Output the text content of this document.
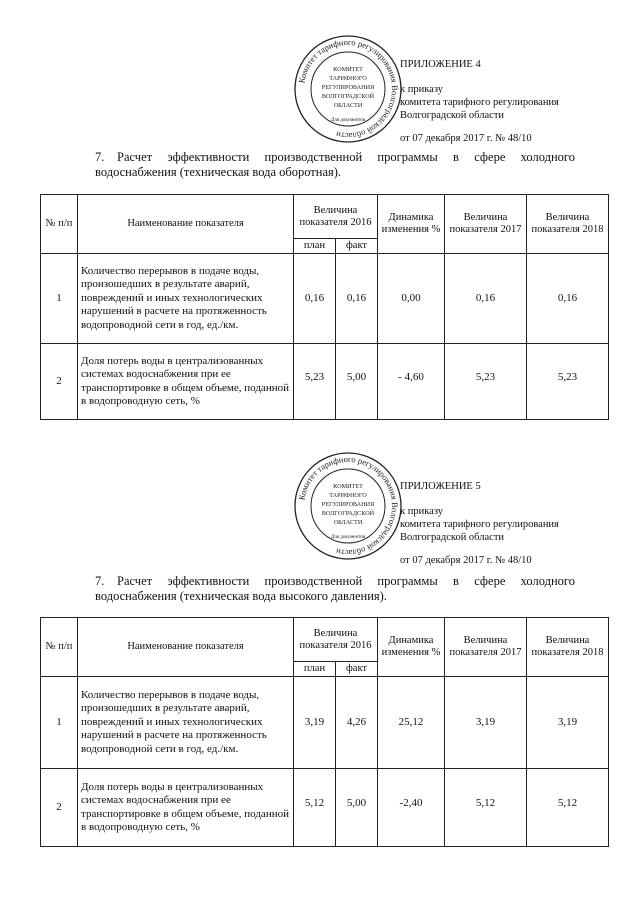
Комитет тарифного регулирования Волгоградской области
КОМИТЕТ
ТАРИФНОГО
РЕГУЛИРОВАНИЯ
ВОЛГОГРАДСКОЙ
ОБЛАСТИ
Для документов
ПРИЛОЖЕНИЕ 4
к приказу
комитета тарифного регулирования
Волгоградской области
от 07 декабря 2017 г. № 48/10
7. Расчет эффективности производственной программы в сфере холодного водоснабжения (техническая вода оборотная).
№ п/п	Наименование показателя	Величина показателя 2016		Динамика изменения %	Величина показателя 2017	Величина показателя 2018
		план	факт			
1	Количество перерывов в подаче воды, произошедших в результате аварий, повреждений и иных технологических нарушений в расчете на протяженность водопроводной сети в год, ед./км.	0,16	0,16	0,00	0,16	0,16
2	Доля потерь воды в централизованных системах водоснабжения при ее транспортировке в общем объеме, поданной в водопроводную сеть, %	5,23	5,00	- 4,60	5,23	5,23
Комитет тарифного регулирования Волгоградской области
КОМИТЕТ
ТАРИФНОГО
РЕГУЛИРОВАНИЯ
ВОЛГОГРАДСКОЙ
ОБЛАСТИ
Для документов
ПРИЛОЖЕНИЕ 5
к приказу
комитета тарифного регулирования
Волгоградской области
от 07 декабря 2017 г. № 48/10
7. Расчет эффективности производственной программы в сфере холодного водоснабжения (техническая вода высокого давления).
№ п/п	Наименование показателя	Величина показателя 2016		Динамика изменения %	Величина показателя 2017	Величина показателя 2018
		план	факт			
1	Количество перерывов в подаче воды, произошедших в результате аварий, повреждений и иных технологических нарушений в расчете на протяженность водопроводной сети в год, ед./км.	3,19	4,26	25,12	3,19	3,19
2	Доля потерь воды в централизованных системах водоснабжения при ее транспортировке в общем объеме, поданной в водопроводную сеть, %	5,12	5,00	-2,40	5,12	5,12
